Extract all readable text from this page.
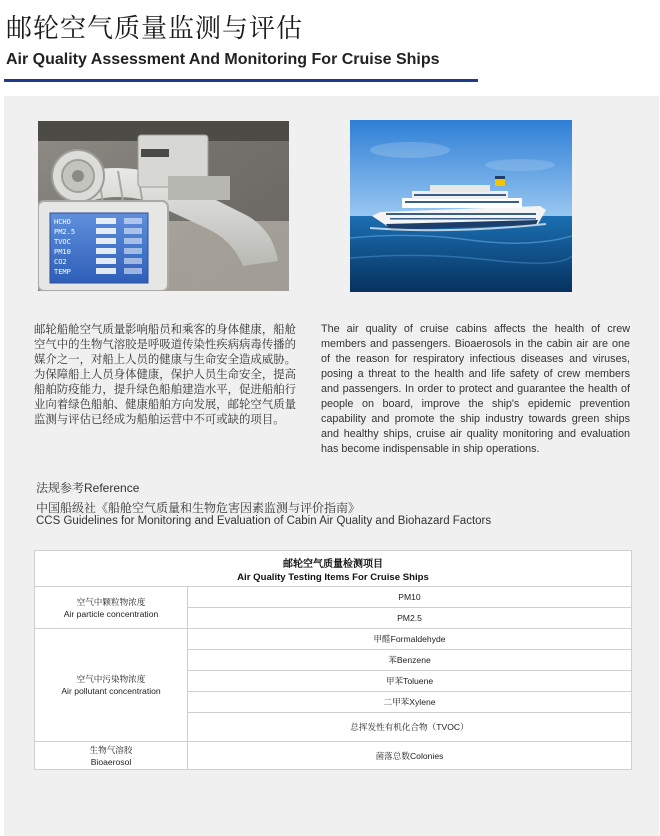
邮轮空气质量监测与评估
Air Quality Assessment And Monitoring For Cruise Ships
HCHO
PM2.5
TVOC
PM10
CO2
TEMP

邮轮船舱空气质量影响船员和乘客的身体健康，船舱空气中的生物气溶胶是呼吸道传染性疾病病毒传播的媒介之一，对船上人员的健康与生命安全造成威胁。为保障船上人员身体健康，保护人员生命安全，提高船舶防疫能力，提升绿色船舶建造水平，促进船舶行业向着绿色船舶、健康船舶方向发展，邮轮空气质量监测与评估已经成为船舶运营中不可或缺的项目。

The air quality of cruise cabins affects the health of crew members and passengers. Bioaerosols in the cabin air are one of the reason for respiratory infectious diseases and viruses, posing a threat to the health and life safety of crew members and passengers. In order to protect and guarantee the health of people on board, improve the ship's epidemic prevention capability and promote the ship industry towards green ships and healthy ships, cruise air quality monitoring and evaluation has become indispensable in ship operations.

法规参考Reference
中国船级社《船舱空气质量和生物危害因素监测与评价指南》
CCS Guidelines for Monitoring and Evaluation of Cabin Air Quality and Biohazard Factors
邮轮空气质量检测项目
Air Quality Testing Items For Cruise Ships	

空气中颗粒物浓度
Air particle concentration	PM10
	PM2.5

空气中污染物浓度
Air pollutant concentration	甲醛Formaldehyde
	苯Benzene
	甲苯Toluene
	二甲苯Xylene
	总挥发性有机化合物（TVOC）

生物气溶胶
Bioaerosol	菌落总数Colonies
